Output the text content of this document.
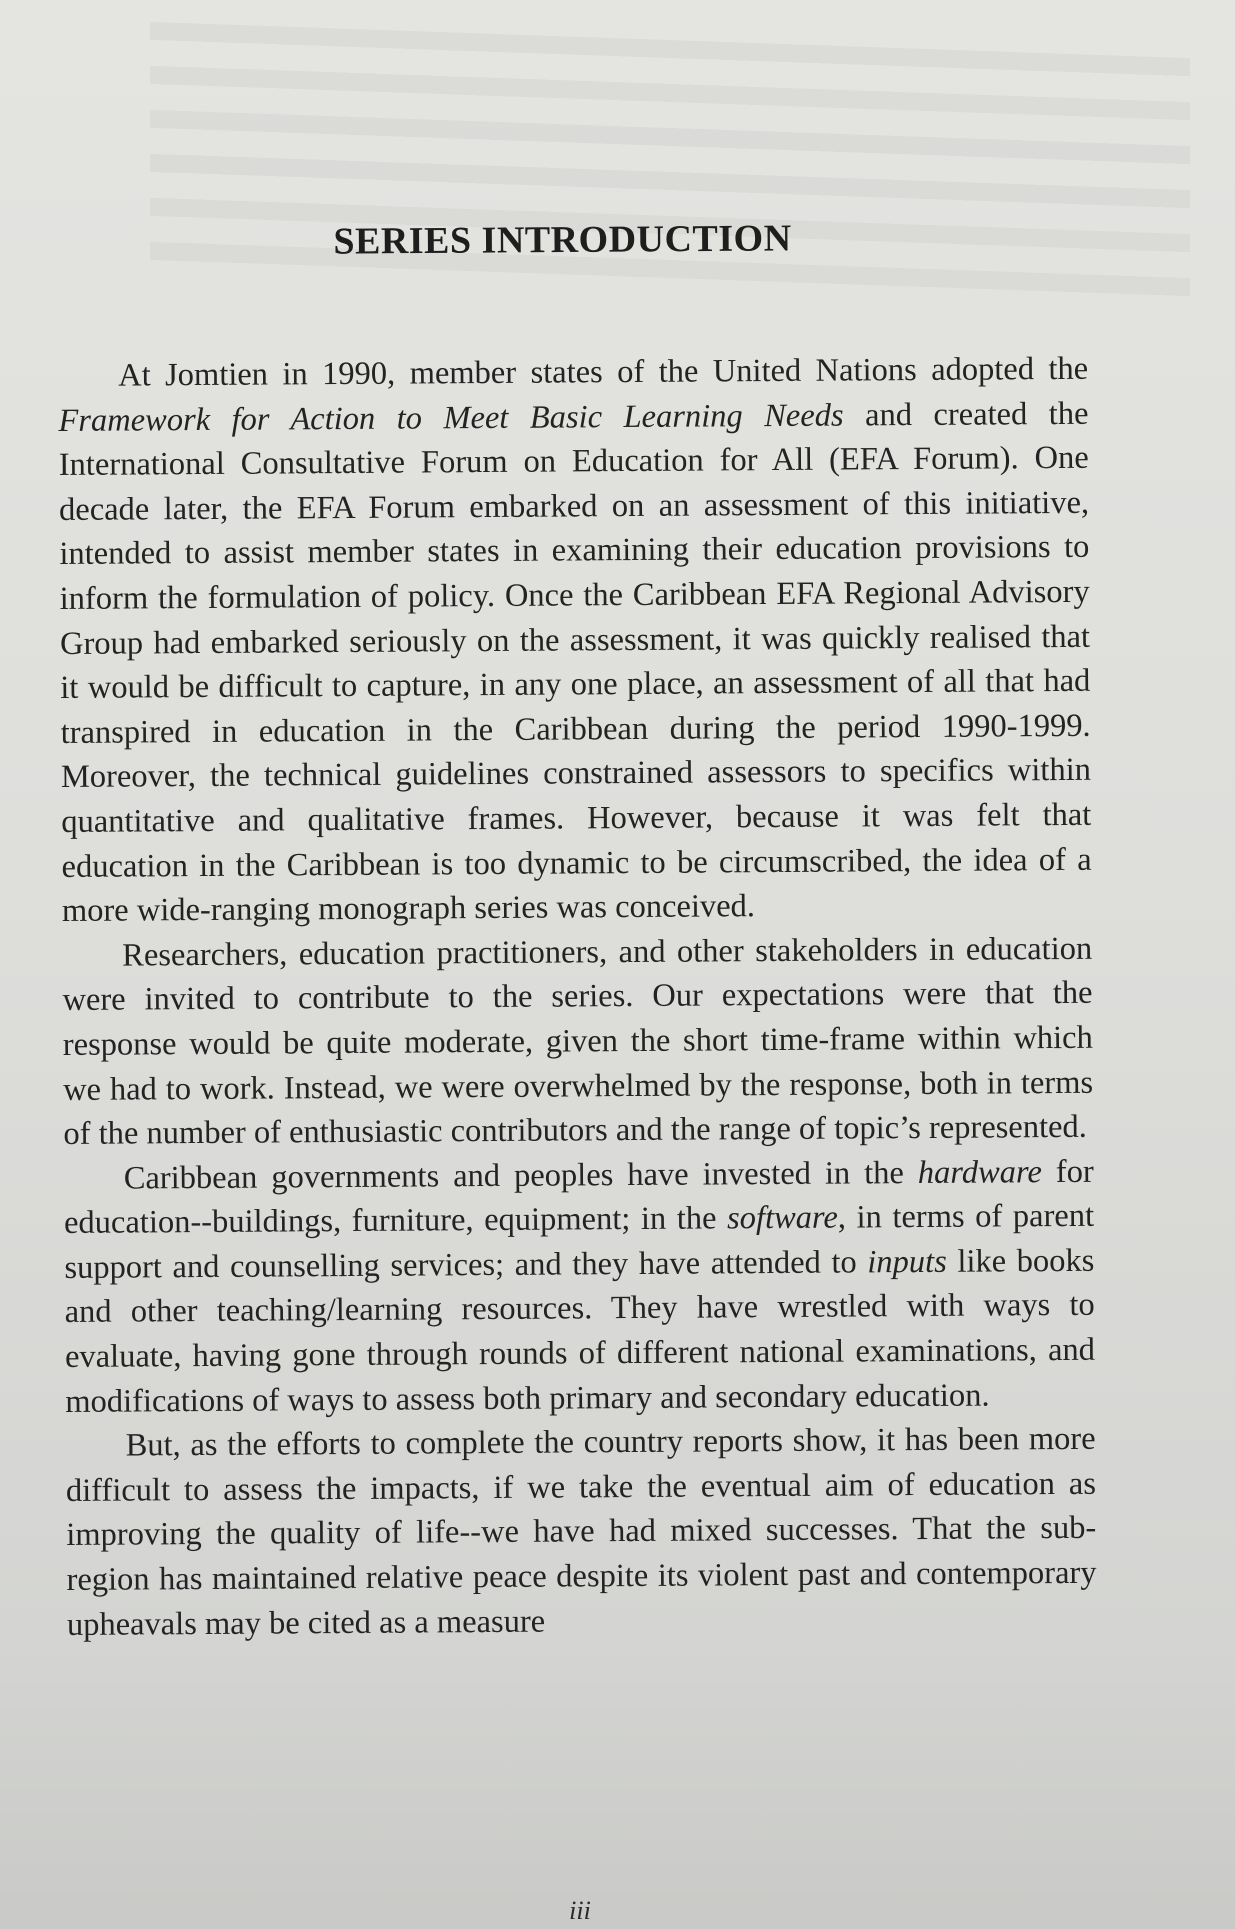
SERIES INTRODUCTION

At Jomtien in 1990, member states of the United Nations adopted the Framework for Action to Meet Basic Learning Needs and created the International Consultative Forum on Education for All (EFA Forum). One decade later, the EFA Forum embarked on an assessment of this initiative, intended to assist member states in examining their education provisions to inform the formulation of policy. Once the Caribbean EFA Regional Advisory Group had embarked seriously on the assessment, it was quickly realised that it would be difficult to capture, in any one place, an assessment of all that had transpired in education in the Caribbean during the period 1990-1999. Moreover, the technical guidelines constrained assessors to specifics within quantitative and qualitative frames. However, because it was felt that education in the Caribbean is too dynamic to be circumscribed, the idea of a more wide-ranging monograph series was conceived.

Researchers, education practitioners, and other stakeholders in education were invited to contribute to the series. Our expectations were that the response would be quite moderate, given the short time-frame within which we had to work. Instead, we were overwhelmed by the response, both in terms of the number of enthusiastic contributors and the range of topic’s represented.

Caribbean governments and peoples have invested in the hardware for education--buildings, furniture, equipment; in the software, in terms of parent support and counselling services; and they have attended to inputs like books and other teaching/learning resources. They have wrestled with ways to evaluate, having gone through rounds of different national examinations, and modifications of ways to assess both primary and secondary education.

But, as the efforts to complete the country reports show, it has been more difficult to assess the impacts, if we take the eventual aim of education as improving the quality of life--we have had mixed successes. That the sub-region has maintained relative peace despite its violent past and contemporary upheavals may be cited as a measure

iii
